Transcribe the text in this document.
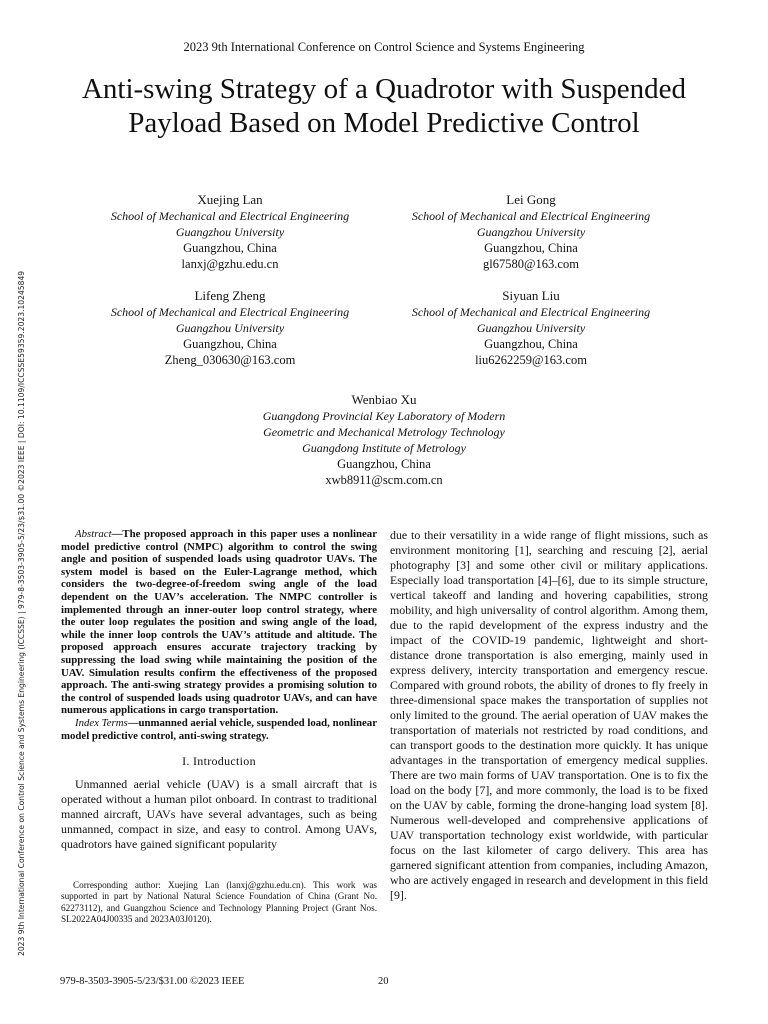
2023 9th International Conference on Control Science and Systems Engineering
Anti-swing Strategy of a Quadrotor with Suspended Payload Based on Model Predictive Control
2023 9th International Conference on Control Science and Systems Engineering (ICCSSE) | 979-8-3503-3905-5/23/$31.00 ©2023 IEEE | DOI: 10.1109/ICCSSE59359.2023.10245849
Xuejing Lan
School of Mechanical and Electrical Engineering
Guangzhou University
Guangzhou, China
lanxj@gzhu.edu.cn
Lei Gong
School of Mechanical and Electrical Engineering
Guangzhou University
Guangzhou, China
gl67580@163.com
Lifeng Zheng
School of Mechanical and Electrical Engineering
Guangzhou University
Guangzhou, China
Zheng_030630@163.com
Siyuan Liu
School of Mechanical and Electrical Engineering
Guangzhou University
Guangzhou, China
liu6262259@163.com
Wenbiao Xu
Guangdong Provincial Key Laboratory of Modern
Geometric and Mechanical Metrology Technology
Guangdong Institute of Metrology
Guangzhou, China
xwb8911@scm.com.cn

Abstract—The proposed approach in this paper uses a nonlinear model predictive control (NMPC) algorithm to control the swing angle and position of suspended loads using quadrotor UAVs. The system model is based on the Euler-Lagrange method, which considers the two-degree-of-freedom swing angle of the load dependent on the UAV’s acceleration. The NMPC controller is implemented through an inner-outer loop control strategy, where the outer loop regulates the position and swing angle of the load, while the inner loop controls the UAV’s attitude and altitude. The proposed approach ensures accurate trajectory tracking by suppressing the load swing while maintaining the position of the UAV. Simulation results confirm the effectiveness of the proposed approach. The anti-swing strategy provides a promising solution to the control of suspended loads using quadrotor UAVs, and can have numerous applications in cargo transportation.

Index Terms—unmanned aerial vehicle, suspended load, nonlinear model predictive control, anti-swing strategy.

I. Introduction

Unmanned aerial vehicle (UAV) is a small aircraft that is operated without a human pilot onboard. In contrast to traditional manned aircraft, UAVs have several advantages, such as being unmanned, compact in size, and easy to control. Among UAVs, quadrotors have gained significant popularity

due to their versatility in a wide range of flight missions, such as environment monitoring [1], searching and rescuing [2], aerial photography [3] and some other civil or military applications. Especially load transportation [4]–[6], due to its simple structure, vertical takeoff and landing and hovering capabilities, strong mobility, and high universality of control algorithm. Among them, due to the rapid development of the express industry and the impact of the COVID-19 pandemic, lightweight and short-distance drone transportation is also emerging, mainly used in express delivery, intercity transportation and emergency rescue. Compared with ground robots, the ability of drones to fly freely in three-dimensional space makes the transportation of supplies not only limited to the ground. The aerial operation of UAV makes the transportation of materials not restricted by road conditions, and can transport goods to the destination more quickly. It has unique advantages in the transportation of emergency medical supplies. There are two main forms of UAV transportation. One is to fix the load on the body [7], and more commonly, the load is to be fixed on the UAV by cable, forming the drone-hanging load system [8]. Numerous well-developed and comprehensive applications of UAV transportation technology exist worldwide, with particular focus on the last kilometer of cargo delivery. This area has garnered significant attention from companies, including Amazon, who are actively engaged in research and development in this field [9].

Corresponding author: Xuejing Lan (lanxj@gzhu.edu.cn). This work was supported in part by National Natural Science Foundation of China (Grant No. 62273112), and Guangzhou Science and Technology Planning Project (Grant Nos. SL2022A04J00335 and 2023A03J0120).
979-8-3503-3905-5/23/$31.00 ©2023 IEEE	20
